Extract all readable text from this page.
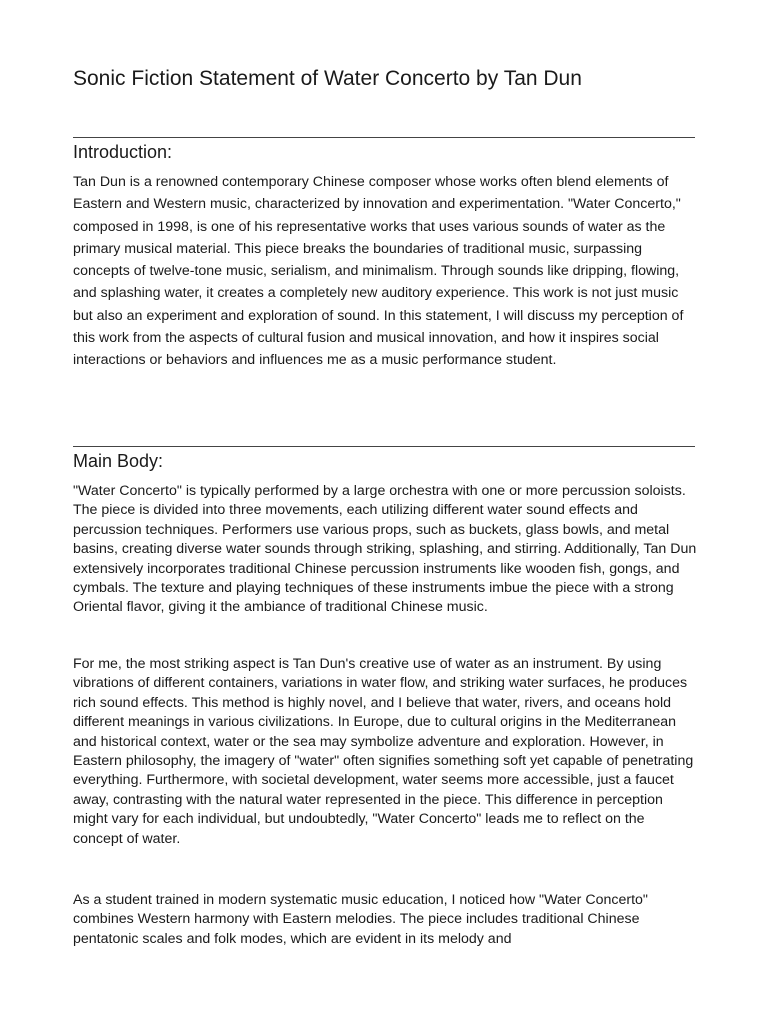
Sonic Fiction Statement of Water Concerto by Tan Dun
Introduction:

Tan Dun is a renowned contemporary Chinese composer whose works often blend elements of Eastern and Western music, characterized by innovation and experimentation. "Water Concerto," composed in 1998, is one of his representative works that uses various sounds of water as the primary musical material. This piece breaks the boundaries of traditional music, surpassing concepts of twelve-tone music, serialism, and minimalism. Through sounds like dripping, flowing, and splashing water, it creates a completely new auditory experience. This work is not just music but also an experiment and exploration of sound. In this statement, I will discuss my perception of this work from the aspects of cultural fusion and musical innovation, and how it inspires social interactions or behaviors and influences me as a music performance student.

Main Body:

"Water Concerto" is typically performed by a large orchestra with one or more percussion soloists. The piece is divided into three movements, each utilizing different water sound effects and percussion techniques. Performers use various props, such as buckets, glass bowls, and metal basins, creating diverse water sounds through striking, splashing, and stirring. Additionally, Tan Dun extensively incorporates traditional Chinese percussion instruments like wooden fish, gongs, and cymbals. The texture and playing techniques of these instruments imbue the piece with a strong Oriental flavor, giving it the ambiance of traditional Chinese music.

For me, the most striking aspect is Tan Dun's creative use of water as an instrument. By using vibrations of different containers, variations in water flow, and striking water surfaces, he produces rich sound effects. This method is highly novel, and I believe that water, rivers, and oceans hold different meanings in various civilizations. In Europe, due to cultural origins in the Mediterranean and historical context, water or the sea may symbolize adventure and exploration. However, in Eastern philosophy, the imagery of "water" often signifies something soft yet capable of penetrating everything. Furthermore, with societal development, water seems more accessible, just a faucet away, contrasting with the natural water represented in the piece. This difference in perception might vary for each individual, but undoubtedly, "Water Concerto" leads me to reflect on the concept of water.

As a student trained in modern systematic music education, I noticed how "Water Concerto" combines Western harmony with Eastern melodies. The piece includes traditional Chinese pentatonic scales and folk modes, which are evident in its melody and
